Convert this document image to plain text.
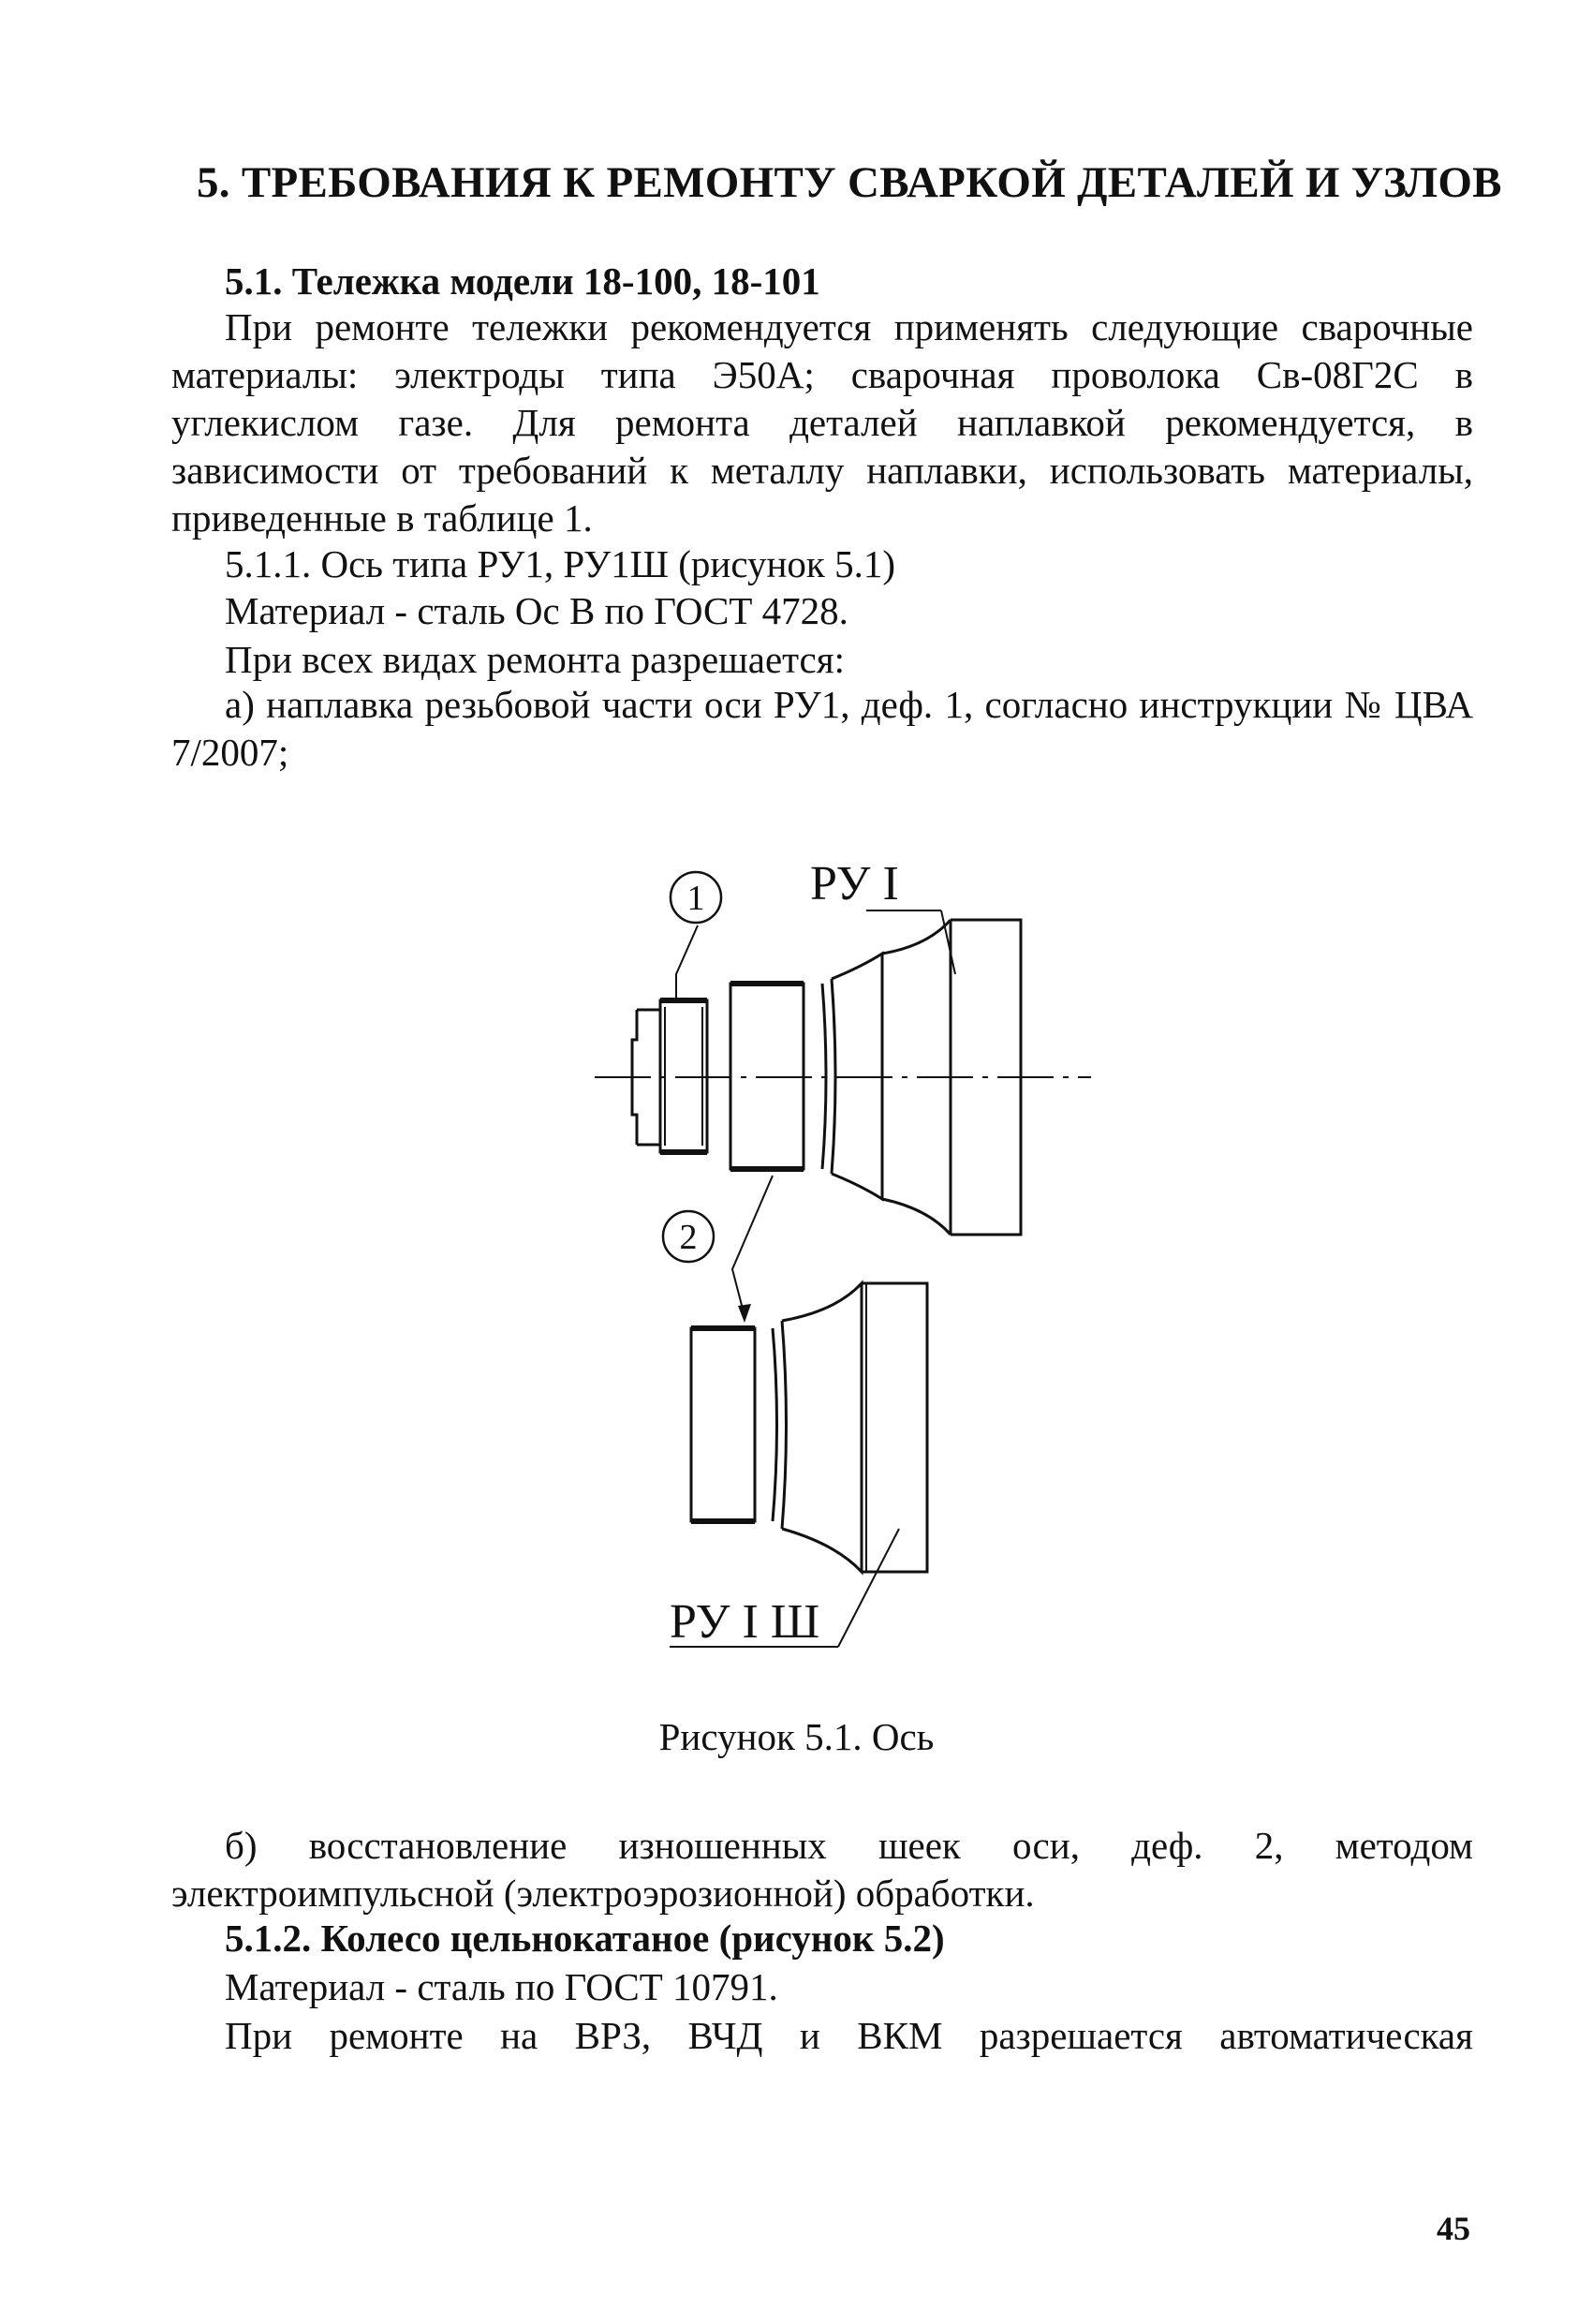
5. ТРЕБОВАНИЯ К РЕМОНТУ СВАРКОЙ ДЕТАЛЕЙ И УЗЛОВ
5.1. Тележка модели 18-100, 18-101
При ремонте тележки рекомендуется применять следующие сварочные материалы: электроды типа Э50А; сварочная проволока Св-08Г2С в углекислом газе. Для ремонта деталей наплавкой рекомендуется, в зависимости от требований к металлу наплавки, использовать материалы, приведенные в таблице 1.
5.1.1. Ось типа РУ1, РУ1Ш (рисунок 5.1)
Материал - сталь Ос В по ГОСТ 4728.
При всех видах ремонта разрешается:
а) наплавка резьбовой части оси РУ1, деф. 1, согласно инструкции № ЦВА 7/2007;
1
2
РУ I
РУ I Ш
Рисунок 5.1. Ось
б) восстановление изношенных шеек оси, деф. 2, методом электроимпульсной (электроэрозионной) обработки.
5.1.2. Колесо цельнокатаное (рисунок 5.2)
Материал - сталь по ГОСТ 10791.
При ремонте на ВРЗ, ВЧД и ВКМ разрешается автоматическая
45
